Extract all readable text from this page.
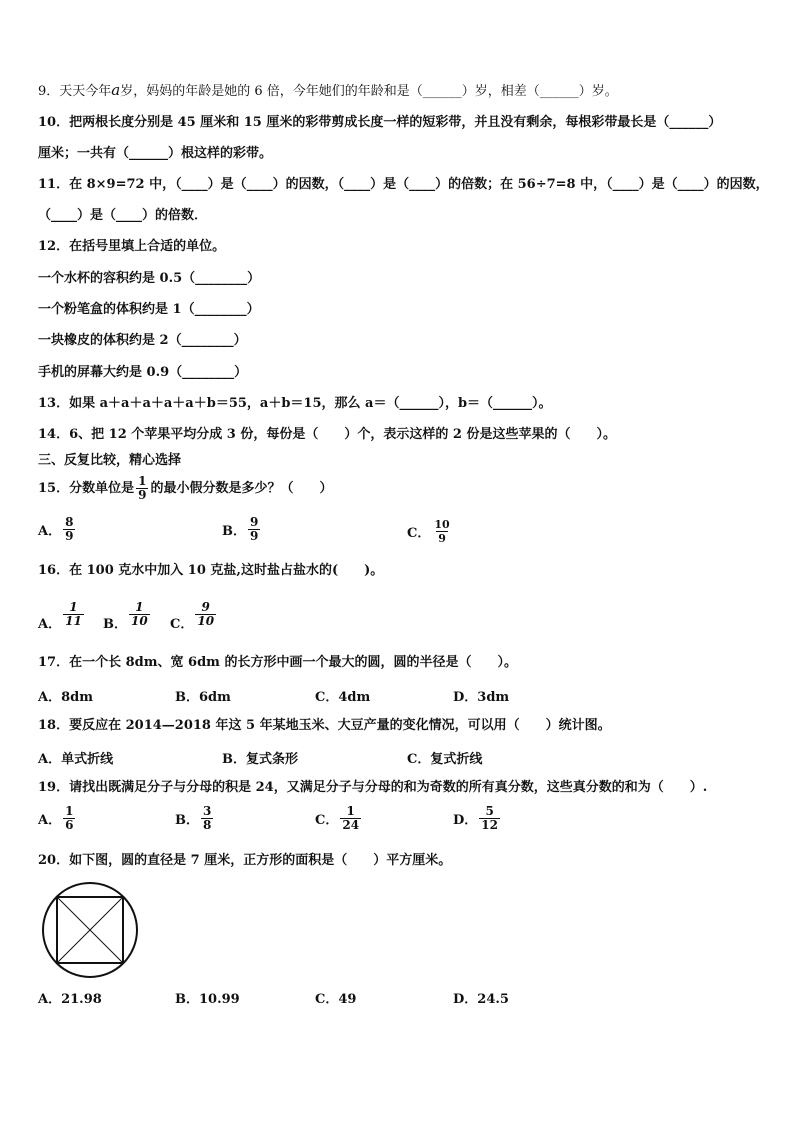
9．天天今年a岁，妈妈的年龄是她的 6 倍，今年她们的年龄和是（______）岁，相差（______）岁。
10．把两根长度分别是 45 厘米和 15 厘米的彩带剪成长度一样的短彩带，并且没有剩余，每根彩带最长是（______）
厘米；一共有（______）根这样的彩带。
11．在 8×9=72 中，（____）是（____）的因数，（____）是（____）的倍数；在 56÷7=8 中，（____）是（____）的因数，
（____）是（____）的倍数．
12．在括号里填上合适的单位。
一个水杯的容积约是 0.5（________）
一个粉笔盒的体积约是 1（________）
一块橡皮的体积约是 2（________）
手机的屏幕大约是 0.9（________）
13．如果 a＋a＋a＋a＋a＋b＝55，a＋b＝15，那么 a＝（______），b＝（______）。
14．6、把 12 个苹果平均分成 3 份，每份是（　　）个，表示这样的 2 份是这些苹果的（　　）。
三、反复比较，精心选择
15．分数单位是 $\frac{1}{9}$ 的最小假分数是多少？（　　）
A． $\frac{8}{9}$	B． $\frac{9}{9}$	C． $\frac{10}{9}$
16．在 100 克水中加入 10 克盐,这时盐占盐水的(　　)。
A． $\frac{1}{11}$ B． $\frac{1}{10}$ C． $\frac{9}{10}$
17．在一个长 8dm、宽 6dm 的长方形中画一个最大的圆，圆的半径是（　　）。
A．8dm	B．6dm	C．4dm	D．3dm
18．要反应在 2014—2018 年这 5 年某地玉米、大豆产量的变化情况，可以用（　　）统计图。
A．单式折线	B．复式条形	C．复式折线
19．请找出既满足分子与分母的积是 24，又满足分子与分母的和为奇数的所有真分数，这些真分数的和为（　　）.
A． $\frac{1}{6}$	B． $\frac{3}{8}$	C． $\frac{1}{24}$	D． $\frac{5}{12}$
20．如下图，圆的直径是 7 厘米，正方形的面积是（　　）平方厘米。
A．21.98	B．10.99	C．49	D．24.5
